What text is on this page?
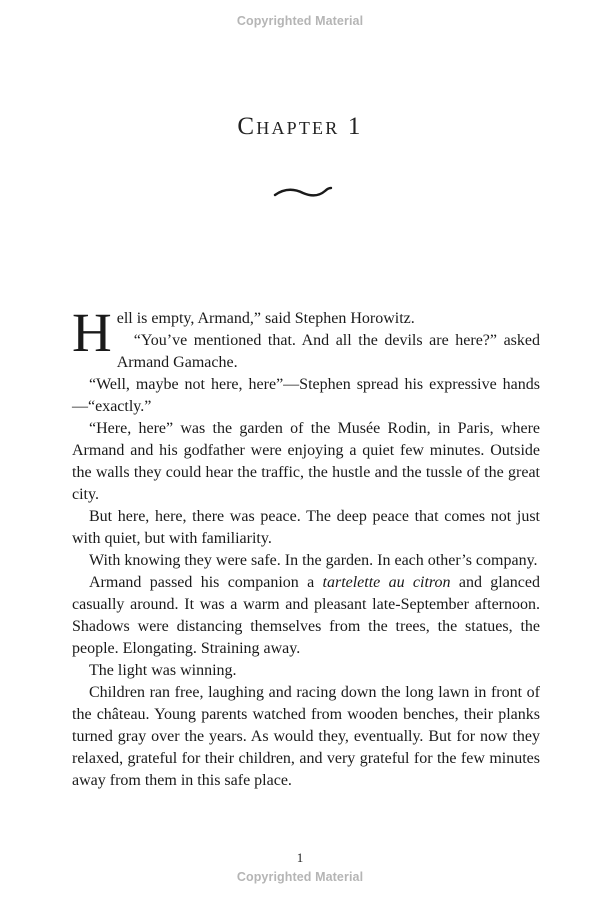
Copyrighted Material
Chapter 1

Hell is empty, Armand,” said Stephen Horowitz.

“You’ve mentioned that. And all the devils are here?” asked Armand Gamache.

“Well, maybe not here, here”—Stephen spread his expressive hands—“exactly.”

“Here, here” was the garden of the Musée Rodin, in Paris, where Armand and his godfather were enjoying a quiet few minutes. Outside the walls they could hear the traffic, the hustle and the tussle of the great city.

But here, here, there was peace. The deep peace that comes not just with quiet, but with familiarity.

With knowing they were safe. In the garden. In each other’s company.

Armand passed his companion a tartelette au citron and glanced casually around. It was a warm and pleasant late-September afternoon. Shadows were distancing themselves from the trees, the statues, the people. Elongating. Straining away.

The light was winning.

Children ran free, laughing and racing down the long lawn in front of the château. Young parents watched from wooden benches, their planks turned gray over the years. As would they, eventually. But for now they relaxed, grateful for their children, and very grateful for the few minutes away from them in this safe place.

1
Copyrighted Material
